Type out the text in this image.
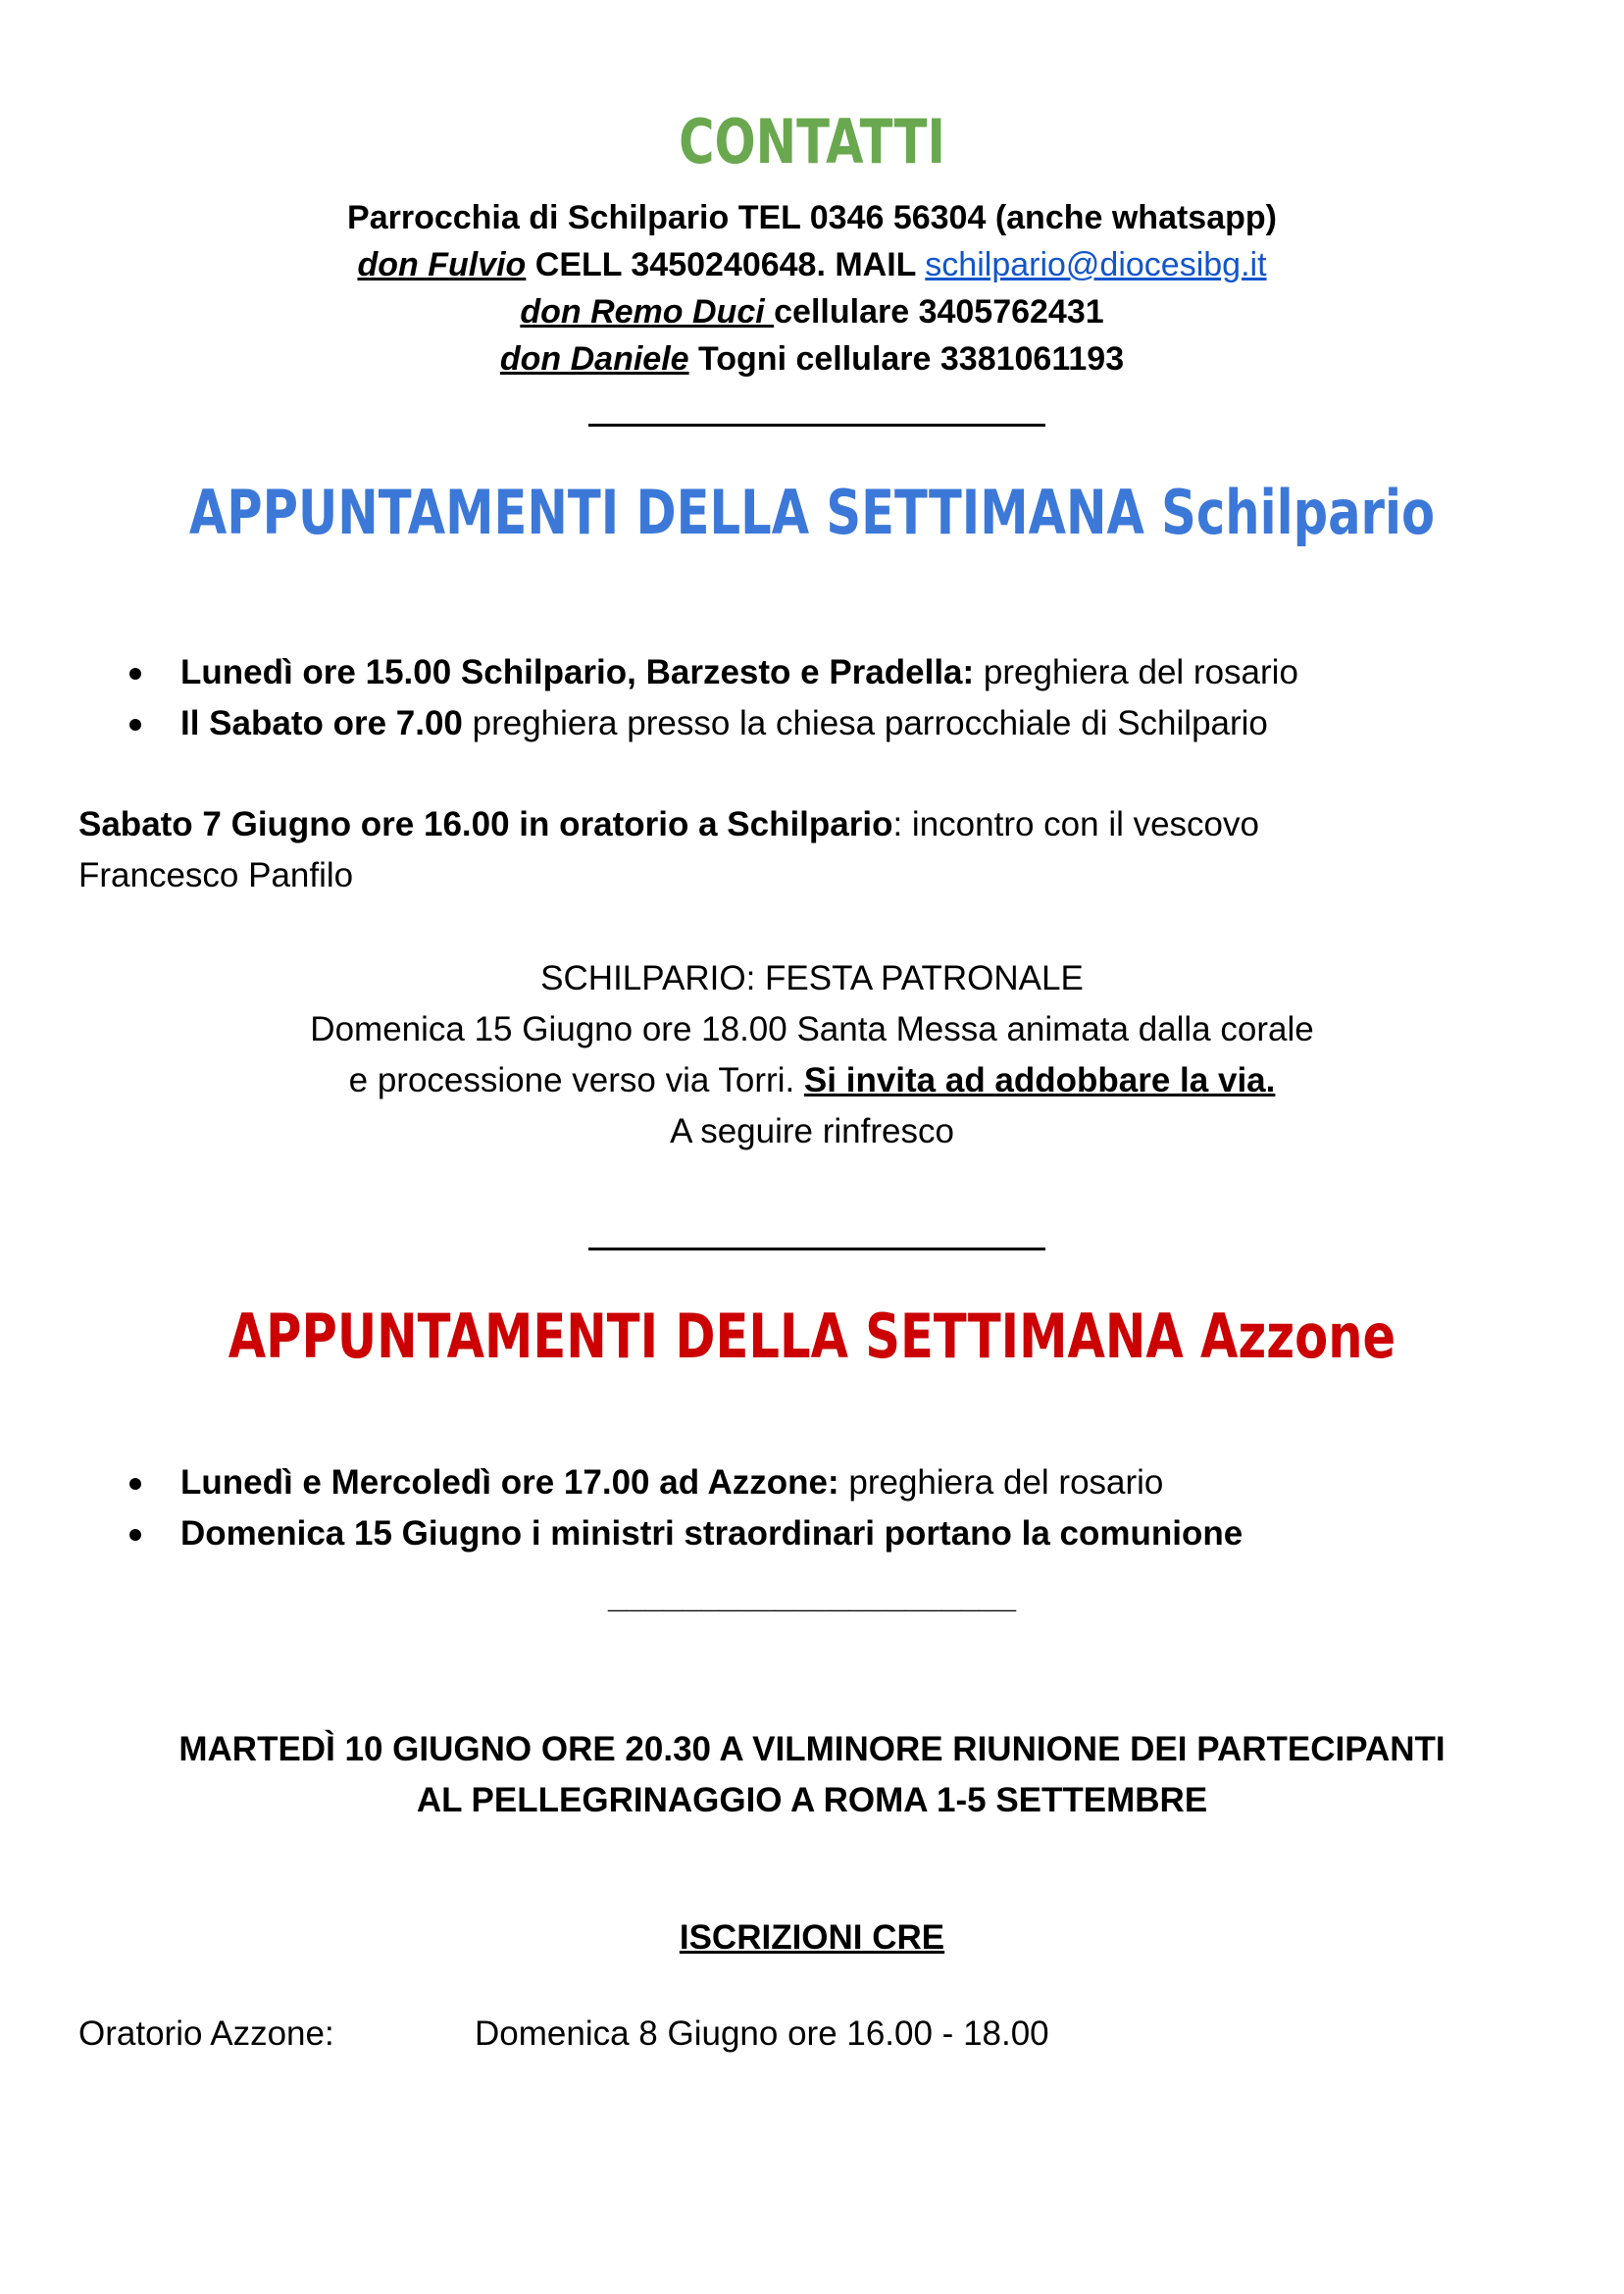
CONTATTI
Parrocchia di Schilpario TEL 0346 56304 (anche whatsapp)
don Fulvio CELL 3450240648. MAIL schilpario@diocesibg.it
don Remo Duci cellulare 3405762431
don Daniele Togni cellulare 3381061193
APPUNTAMENTI DELLA SETTIMANA Schilpario
Lunedì ore 15.00 Schilpario, Barzesto e Pradella: preghiera del rosario
Il Sabato ore 7.00 preghiera presso la chiesa parrocchiale di Schilpario
Sabato 7 Giugno ore 16.00 in oratorio a Schilpario: incontro con il vescovo
Francesco Panfilo
SCHILPARIO: FESTA PATRONALE
Domenica 15 Giugno ore 18.00 Santa Messa animata dalla corale
e processione verso via Torri. Si invita ad addobbare la via.
A seguire rinfresco
APPUNTAMENTI DELLA SETTIMANA Azzone
Lunedì e Mercoledì ore 17.00 ad Azzone: preghiera del rosario
Domenica 15 Giugno i ministri straordinari portano la comunione
______________________
MARTEDÌ 10 GIUGNO ORE 20.30 A VILMINORE RIUNIONE DEI PARTECIPANTI
AL PELLEGRINAGGIO A ROMA 1-5 SETTEMBRE
ISCRIZIONI CRE
Oratorio Azzone:	Domenica 8 Giugno ore 16.00 - 18.00
